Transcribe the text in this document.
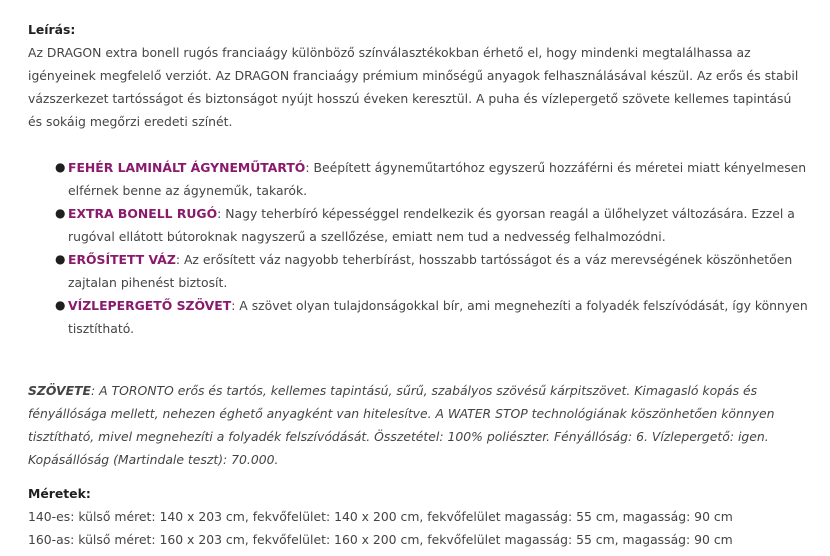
Leírás:

Az DRAGON extra bonell rugós franciaágy különböző színválasztékokban érhető el, hogy mindenki megtalálhassa az igényeinek megfelelő verziót. Az DRAGON franciaágy prémium minőségű anyagok felhasználásával készül. Az erős és stabil vázszerkezet tartósságot és biztonságot nyújt hosszú éveken keresztül. A puha és vízlepergető szövete kellemes tapintású és sokáig megőrzi eredeti színét.

● FEHÉR LAMINÁLT ÁGYNEMŰTARTÓ: Beépített ágyneműtartóhoz egyszerű hozzáférni és méretei miatt kényelmesen elférnek benne az ágyneműk, takarók.
● EXTRA BONELL RUGÓ: Nagy teherbíró képességgel rendelkezik és gyorsan reagál a ülőhelyzet változására. Ezzel a rugóval ellátott bútoroknak nagyszerű a szellőzése, emiatt nem tud a nedvesség felhalmozódni.
● ERŐSÍTETT VÁZ: Az erősített váz nagyobb teherbírást, hosszabb tartósságot és a váz merevségének köszönhetően zajtalan pihenést biztosít.
● VÍZLEPERGETŐ SZÖVET: A szövet olyan tulajdonságokkal bír, ami megnehezíti a folyadék felszívódását, így könnyen tisztítható.

SZÖVETE: A TORONTO erős és tartós, kellemes tapintású, sűrű, szabályos szövésű kárpitszövet. Kimagasló kopás és fényállósága mellett, nehezen éghető anyagként van hitelesítve. A WATER STOP technológiának köszönhetően könnyen tisztítható, mivel megnehezíti a folyadék felszívódását. Összetétel: 100% poliészter. Fényállóság: 6. Vízlepergető: igen. Kopásállóság (Martindale teszt): 70.000.

Méretek:
140-es: külső méret: 140 x 203 cm, fekvőfelület: 140 x 200 cm, fekvőfelület magasság: 55 cm, magasság: 90 cm
160-as: külső méret: 160 x 203 cm, fekvőfelület: 160 x 200 cm, fekvőfelület magasság: 55 cm, magasság: 90 cm
